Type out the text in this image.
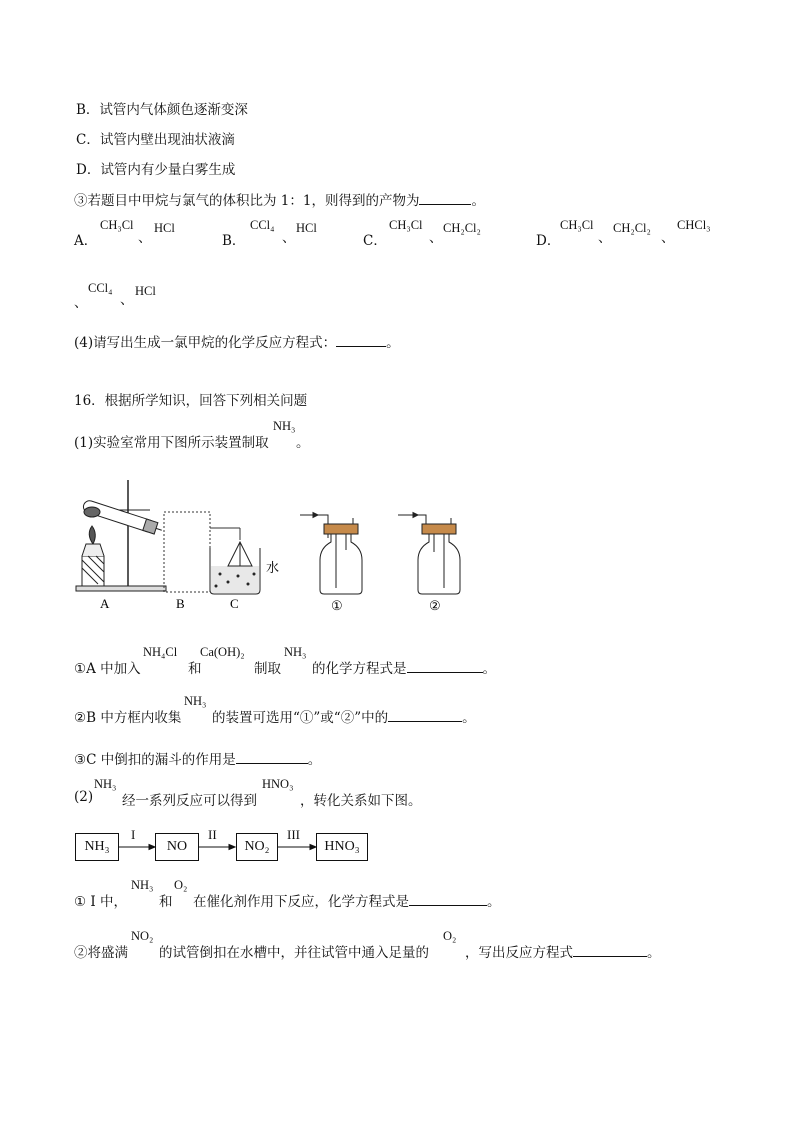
B．试管内气体颜色逐渐变深
C．试管内壁出现油状液滴
D．试管内有少量白雾生成
③若题目中甲烷与氯气的体积比为 1：1，则得到的产物为	。
A．
CH₃Cl
、
HCl
B．
CCl₄
、
HCl
C．
CH₃Cl
、
CH₂Cl₂
D．
CH₃Cl
、
CH₂Cl₂
、
CHCl₃
、
CCl₄
、
HCl
(4)请写出生成一氯甲烷的化学反应方程式：	。
16．根据所学知识，回答下列相关问题
(1)实验室常用下图所示装置制取
NH₃
。
水
A	B	C	①	②
①A 中加入
NH₄Cl
和
Ca(OH)₂
制取
NH₃
的化学方程式是	。
②B 中方框内收集
NH₃
的装置可选用“①”或“②”中的	。
③C 中倒扣的漏斗的作用是	。
(2)
NH₃
经一系列反应可以得到
HNO₃
，转化关系如下图。
NH₃	NO	NO₂	HNO₃
I	II	III
① I 中，
NH₃
和
O₂
在催化剂作用下反应，化学方程式是	。
②将盛满
NO₂
的试管倒扣在水槽中，并往试管中通入足量的
O₂
，写出反应方程式	。
